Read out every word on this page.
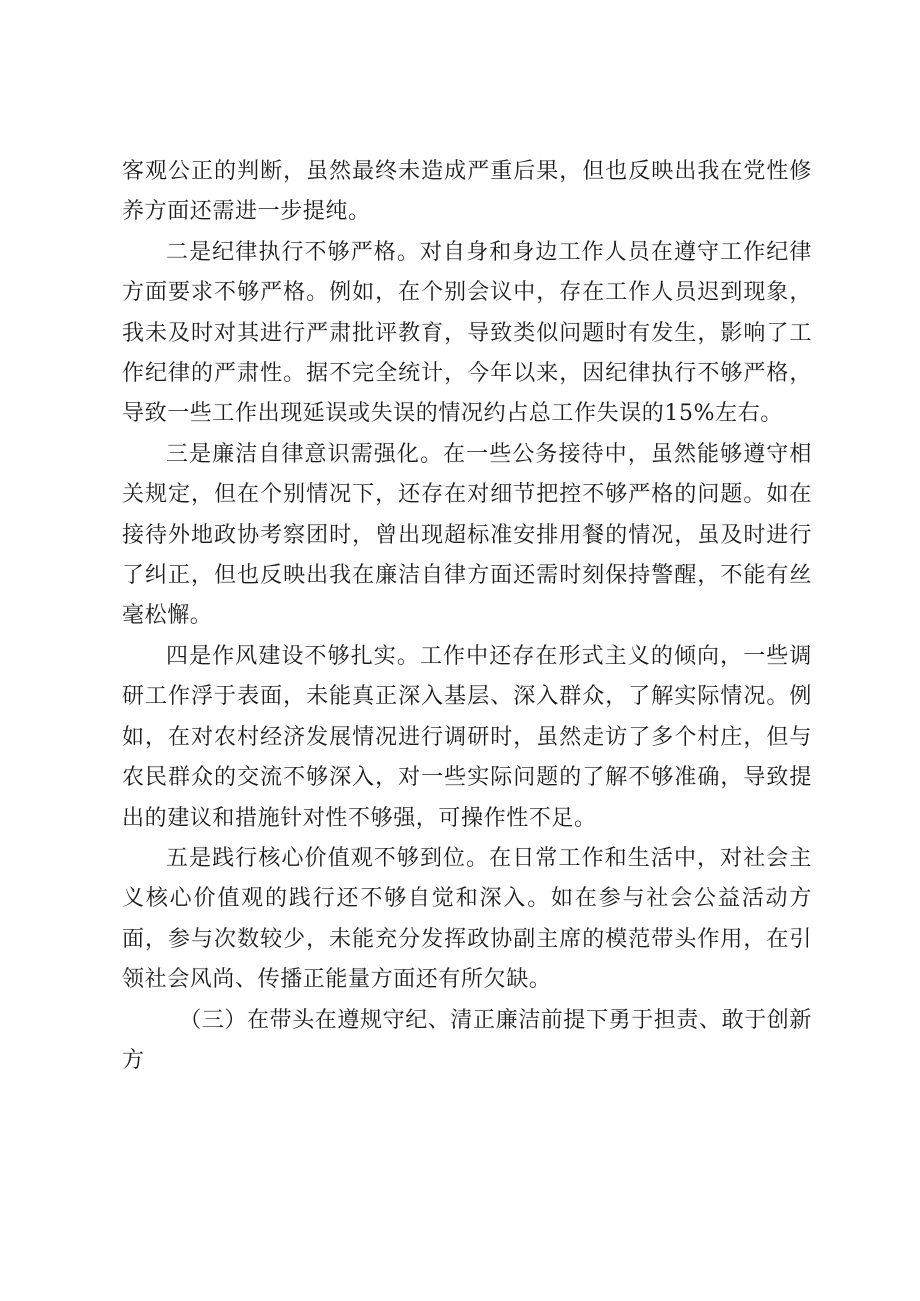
客观公正的判断，虽然最终未造成严重后果，但也反映出我在党性修养方面还需进一步提纯。

二是纪律执行不够严格。对自身和身边工作人员在遵守工作纪律方面要求不够严格。例如，在个别会议中，存在工作人员迟到现象，我未及时对其进行严肃批评教育，导致类似问题时有发生，影响了工作纪律的严肃性。据不完全统计，今年以来，因纪律执行不够严格，导致一些工作出现延误或失误的情况约占总工作失误的15%左右。

三是廉洁自律意识需强化。在一些公务接待中，虽然能够遵守相关规定，但在个别情况下，还存在对细节把控不够严格的问题。如在接待外地政协考察团时，曾出现超标准安排用餐的情况，虽及时进行了纠正，但也反映出我在廉洁自律方面还需时刻保持警醒，不能有丝毫松懈。

四是作风建设不够扎实。工作中还存在形式主义的倾向，一些调研工作浮于表面，未能真正深入基层、深入群众，了解实际情况。例如，在对农村经济发展情况进行调研时，虽然走访了多个村庄，但与农民群众的交流不够深入，对一些实际问题的了解不够准确，导致提出的建议和措施针对性不够强，可操作性不足。

五是践行核心价值观不够到位。在日常工作和生活中，对社会主义核心价值观的践行还不够自觉和深入。如在参与社会公益活动方面，参与次数较少，未能充分发挥政协副主席的模范带头作用，在引领社会风尚、传播正能量方面还有所欠缺。

（三）在带头在遵规守纪、清正廉洁前提下勇于担责、敢于创新方
